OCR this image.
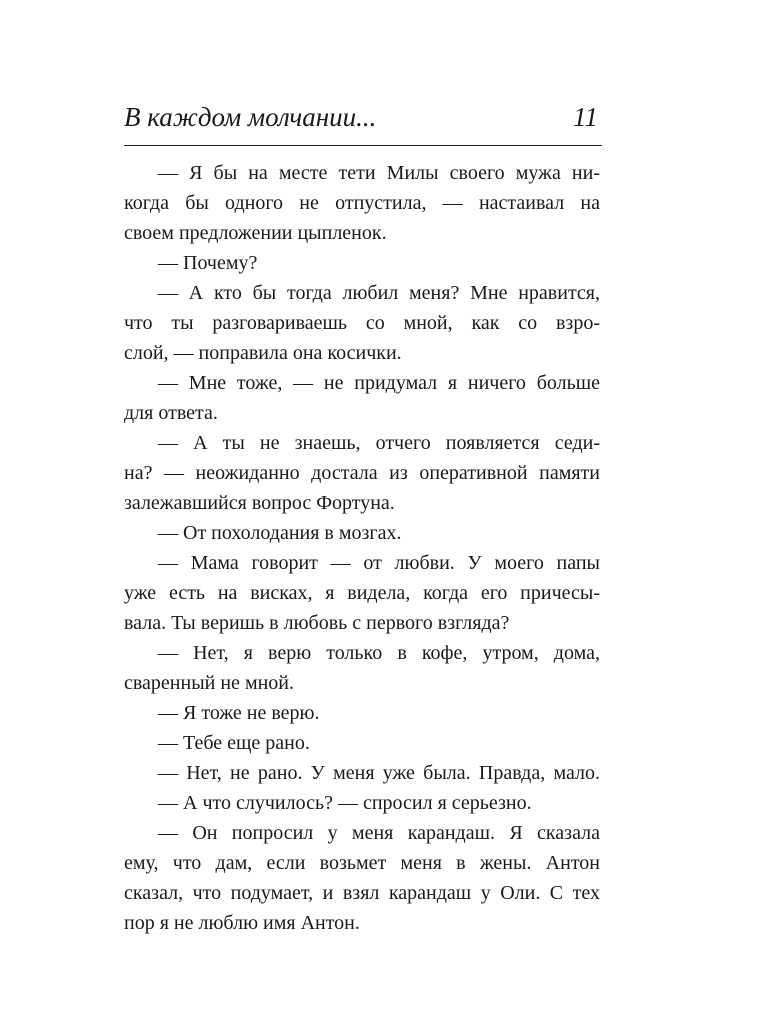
В каждом молчании...	11
— Я бы на месте тети Милы своего мужа ни-
когда бы одного не отпустила, — настаивал на
своем предложении цыпленок.
— Почему?
— А кто бы тогда любил меня? Мне нравится,
что ты разговариваешь со мной, как со взро-
слой, — поправила она косички.
— Мне тоже, — не придумал я ничего больше
для ответа.
— А ты не знаешь, отчего появляется седи-
на? — неожиданно достала из оперативной памяти
залежавшийся вопрос Фортуна.
— От похолодания в мозгах.
— Мама говорит — от любви. У моего папы
уже есть на висках, я видела, когда его причесы-
вала. Ты веришь в любовь с первого взгляда?
— Нет, я верю только в кофе, утром, дома,
сваренный не мной.
— Я тоже не верю.
— Тебе еще рано.
— Нет, не рано. У меня уже была. Правда, мало.
— А что случилось? — спросил я серьезно.
— Он попросил у меня карандаш. Я сказала
ему, что дам, если возьмет меня в жены. Антон
сказал, что подумает, и взял карандаш у Оли. С тех
пор я не люблю имя Антон.
